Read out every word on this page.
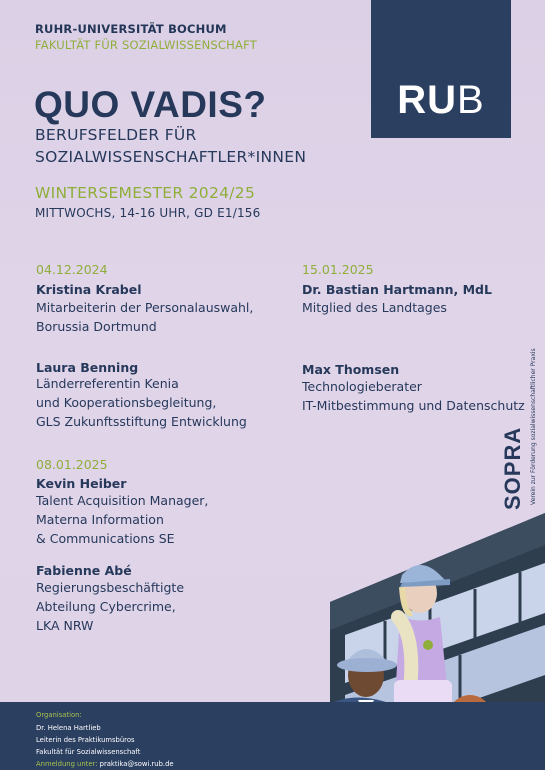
RUHR-UNIVERSITÄT BOCHUM
FAKULTÄT FÜR SOZIALWISSENSCHAFT
RUB
QUO VADIS?
BERUFSFELDER FÜR
SOZIALWISSENSCHAFTLER*INNEN
WINTERSEMESTER 2024/25
MITTWOCHS, 14-16 UHR, GD E1/156
04.12.2024
Kristina Krabel
Mitarbeiterin der Personalauswahl,
Borussia Dortmund
Laura Benning
Länderreferentin Kenia
und Kooperationsbegleitung,
GLS Zukunftsstiftung Entwicklung
15.01.2025
Dr. Bastian Hartmann, MdL
Mitglied des Landtages
Max Thomsen
Technologieberater
IT-Mitbestimmung und Datenschutz
08.01.2025
Kevin Heiber
Talent Acquisition Manager,
Materna Information
& Communications SE
Fabienne Abé
Regierungsbeschäftigte
Abteilung Cybercrime,
LKA NRW
SOPRA Verein zur Förderung sozialwissenschaftlicher Praxis
Organisation:
Dr. Helena Hartlieb
Leiterin des Praktikumsbüros
Fakultät für Sozialwissenschaft
Anmeldung unter: praktika@sowi.rub.de
